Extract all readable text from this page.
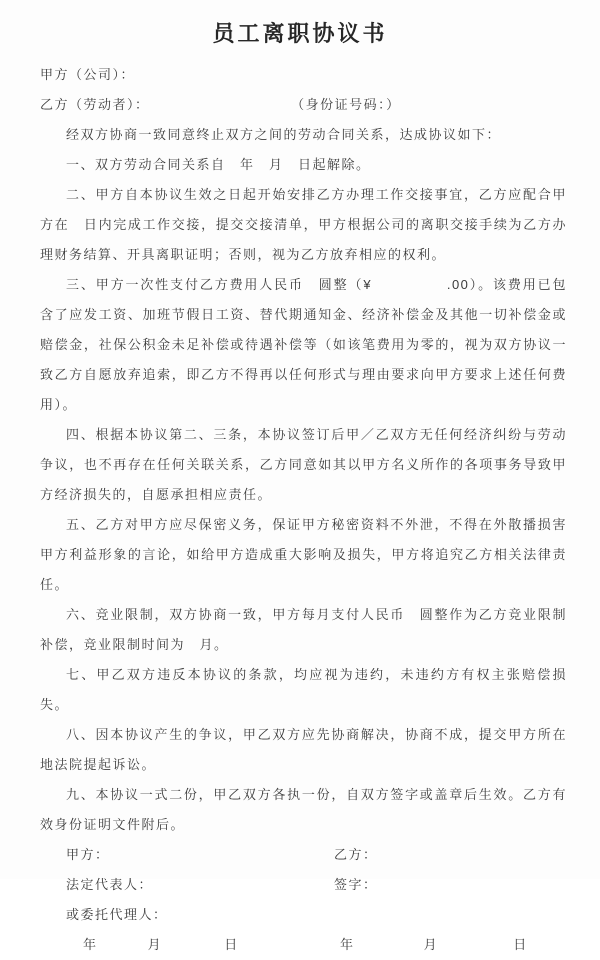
员工离职协议书

甲方（公司）：

乙方（劳动者）：	（身份证号码：）

经双方协商一致同意终止双方之间的劳动合同关系，达成协议如下：

一、双方劳动合同关系自　年　月　日起解除。

二、甲方自本协议生效之日起开始安排乙方办理工作交接事宜，乙方应配合甲方在　日内完成工作交接，提交交接清单，甲方根据公司的离职交接手续为乙方办理财务结算、开具离职证明；否则，视为乙方放弃相应的权利。

三、甲方一次性支付乙方费用人民币　圆整（¥　　　　　.00）。该费用已包含了应发工资、加班节假日工资、替代期通知金、经济补偿金及其他一切补偿金或赔偿金，社保公积金未足补偿或待遇补偿等（如该笔费用为零的，视为双方协议一致乙方自愿放弃追索，即乙方不得再以任何形式与理由要求向甲方要求上述任何费用）。

四、根据本协议第二、三条，本协议签订后甲／乙双方无任何经济纠纷与劳动争议，也不再存在任何关联关系，乙方同意如其以甲方名义所作的各项事务导致甲方经济损失的，自愿承担相应责任。

五、乙方对甲方应尽保密义务，保证甲方秘密资料不外泄，不得在外散播损害甲方利益形象的言论，如给甲方造成重大影响及损失，甲方将追究乙方相关法律责任。

六、竞业限制，双方协商一致，甲方每月支付人民币　圆整作为乙方竞业限制补偿，竞业限制时间为　月。

七、甲乙双方违反本协议的条款，均应视为违约，未违约方有权主张赔偿损失。

八、因本协议产生的争议，甲乙双方应先协商解决，协商不成，提交甲方所在地法院提起诉讼。

九、本协议一式二份，甲乙双方各执一份，自双方签字或盖章后生效。乙方有效身份证明文件附后。

甲方：	乙方：
法定代表人：	签字：
或委托代理人：
年	月	日	年	月	日
